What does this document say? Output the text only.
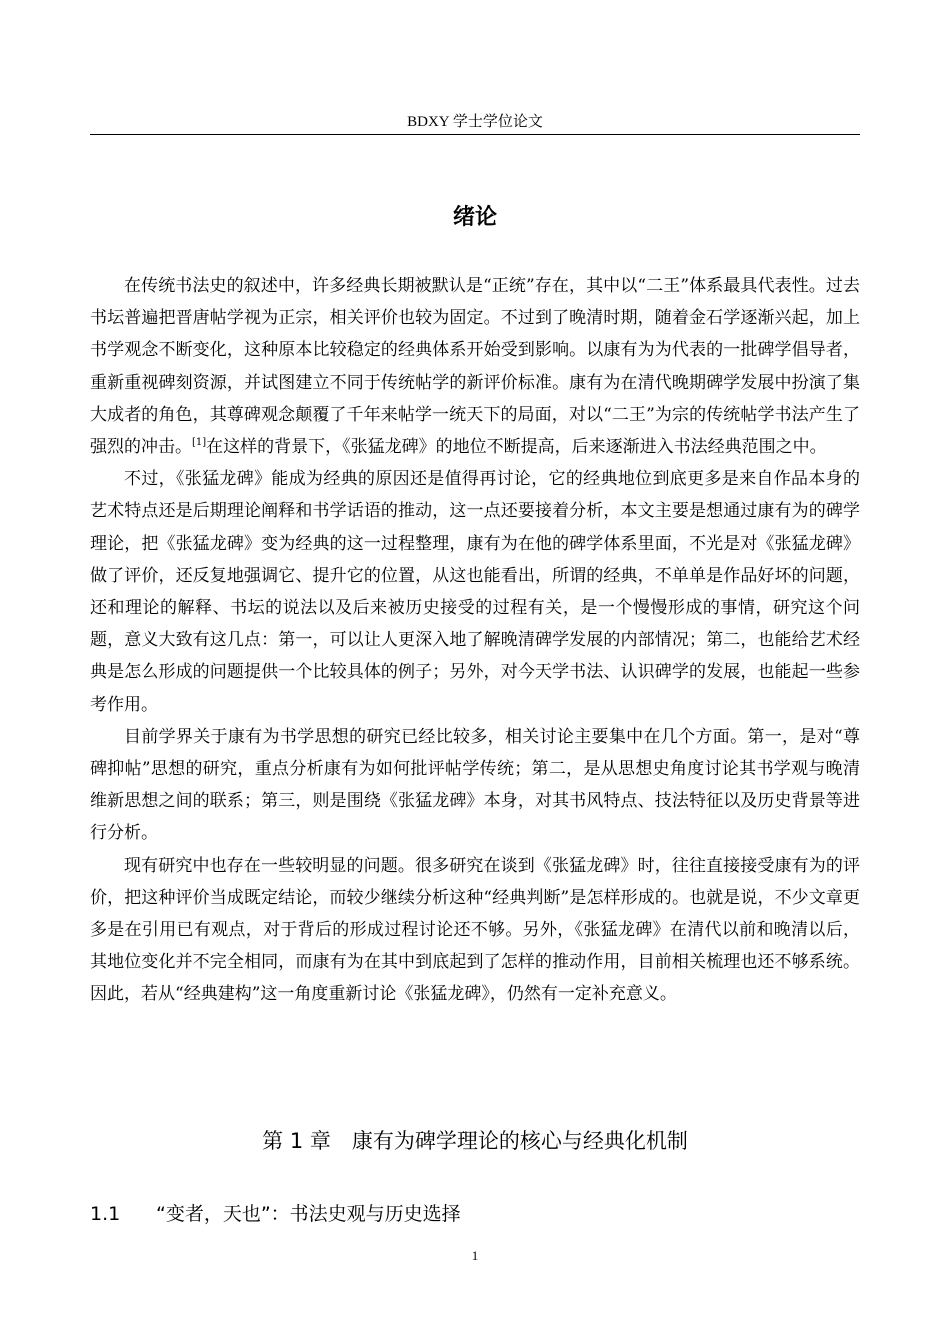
BDXY 学士学位论文
绪论

在传统书法史的叙述中，许多经典长期被默认是“正统”存在，其中以“二王”体系最具代表性。过去书坛普遍把晋唐帖学视为正宗，相关评价也较为固定。不过到了晚清时期，随着金石学逐渐兴起，加上书学观念不断变化，这种原本比较稳定的经典体系开始受到影响。以康有为为代表的一批碑学倡导者，重新重视碑刻资源，并试图建立不同于传统帖学的新评价标准。康有为在清代晚期碑学发展中扮演了集大成者的角色，其尊碑观念颠覆了千年来帖学一统天下的局面，对以“二王”为宗的传统帖学书法产生了强烈的冲击。[1]在这样的背景下，《张猛龙碑》的地位不断提高，后来逐渐进入书法经典范围之中。

不过，《张猛龙碑》能成为经典的原因还是值得再讨论，它的经典地位到底更多是来自作品本身的艺术特点还是后期理论阐释和书学话语的推动，这一点还要接着分析，本文主要是想通过康有为的碑学理论，把《张猛龙碑》变为经典的这一过程整理，康有为在他的碑学体系里面，不光是对《张猛龙碑》做了评价，还反复地强调它、提升它的位置，从这也能看出，所谓的经典，不单单是作品好坏的问题，还和理论的解释、书坛的说法以及后来被历史接受的过程有关，是一个慢慢形成的事情，研究这个问题，意义大致有这几点：第一，可以让人更深入地了解晚清碑学发展的内部情况；第二，也能给艺术经典是怎么形成的问题提供一个比较具体的例子；另外，对今天学书法、认识碑学的发展，也能起一些参考作用。

目前学界关于康有为书学思想的研究已经比较多，相关讨论主要集中在几个方面。第一，是对“尊碑抑帖”思想的研究，重点分析康有为如何批评帖学传统；第二，是从思想史角度讨论其书学观与晚清维新思想之间的联系；第三，则是围绕《张猛龙碑》本身，对其书风特点、技法特征以及历史背景等进行分析。

现有研究中也存在一些较明显的问题。很多研究在谈到《张猛龙碑》时，往往直接接受康有为的评价，把这种评价当成既定结论，而较少继续分析这种“经典判断”是怎样形成的。也就是说，不少文章更多是在引用已有观点，对于背后的形成过程讨论还不够。另外，《张猛龙碑》在清代以前和晚清以后，其地位变化并不完全相同，而康有为在其中到底起到了怎样的推动作用，目前相关梳理也还不够系统。因此，若从“经典建构”这一角度重新讨论《张猛龙碑》，仍然有一定补充意义。

第 1 章　康有为碑学理论的核心与经典化机制
1.1 “变者，天也”：书法史观与历史选择
1
